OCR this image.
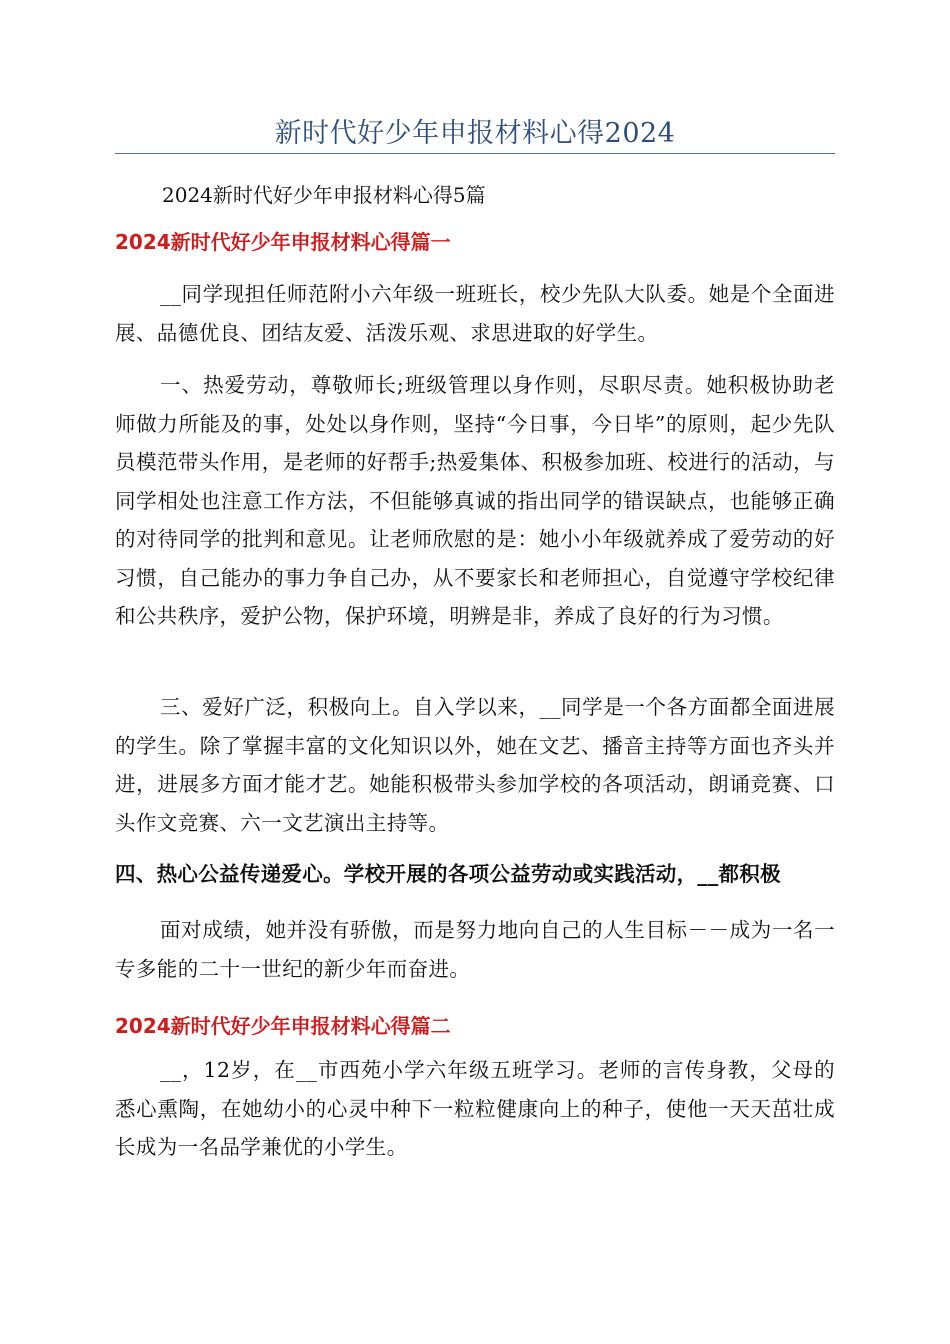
新时代好少年申报材料心得2024
2024新时代好少年申报材料心得5篇
2024新时代好少年申报材料心得篇一
__同学现担任师范附小六年级一班班长，校少先队大队委。她是个全面进展、品德优良、团结友爱、活泼乐观、求思进取的好学生。
一、热爱劳动，尊敬师长;班级管理以身作则，尽职尽责。她积极协助老师做力所能及的事，处处以身作则，坚持“今日事，今日毕”的原则，起少先队员模范带头作用，是老师的好帮手;热爱集体、积极参加班、校进行的活动，与同学相处也注意工作方法，不但能够真诚的指出同学的错误缺点，也能够正确的对待同学的批判和意见。让老师欣慰的是：她小小年级就养成了爱劳动的好习惯，自己能办的事力争自己办，从不要家长和老师担心，自觉遵守学校纪律和公共秩序，爱护公物，保护环境，明辨是非，养成了良好的行为习惯。
三、爱好广泛，积极向上。自入学以来，__同学是一个各方面都全面进展的学生。除了掌握丰富的文化知识以外，她在文艺、播音主持等方面也齐头并进，进展多方面才能才艺。她能积极带头参加学校的各项活动，朗诵竞赛、口头作文竞赛、六一文艺演出主持等。
四、热心公益传递爱心。学校开展的各项公益劳动或实践活动，__都积极
面对成绩，她并没有骄傲，而是努力地向自己的人生目标－－成为一名一专多能的二十一世纪的新少年而奋进。
2024新时代好少年申报材料心得篇二
__，12岁，在__市西苑小学六年级五班学习。老师的言传身教，父母的悉心熏陶，在她幼小的心灵中种下一粒粒健康向上的种子，使他一天天茁壮成长成为一名品学兼优的小学生。
